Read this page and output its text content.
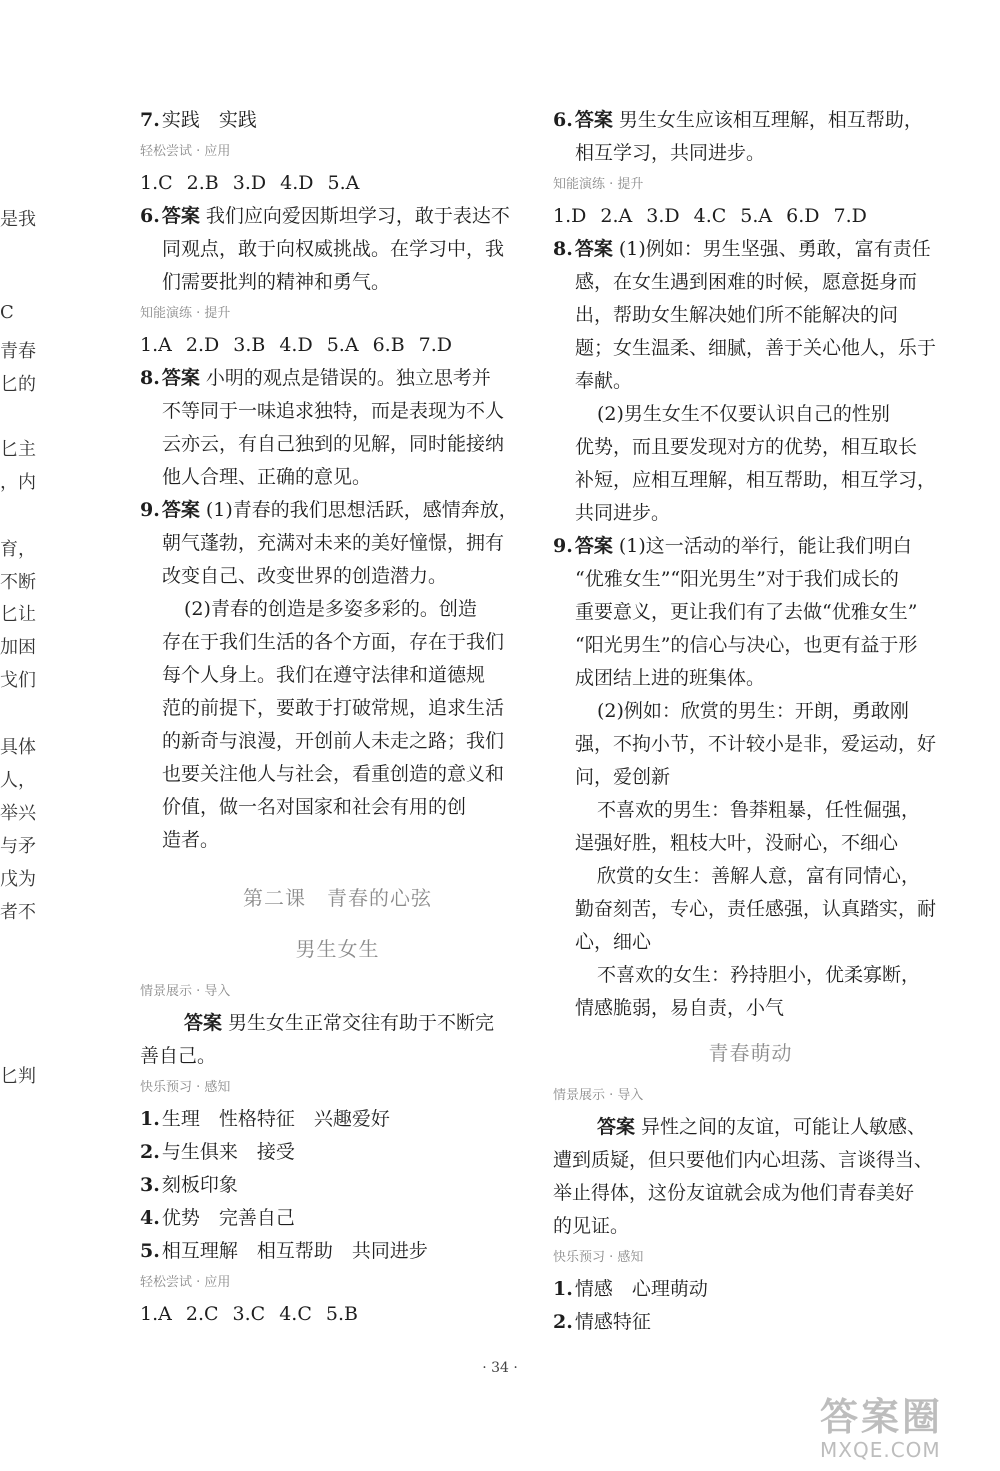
是我
C
青春
匕的
匕主
，内
育，
不断
匕让
加困
戈们
具体
人，
举兴
与矛
戊为
者不
匕判
7. 实践　实践
轻松尝试 · 应用
1.C 2.B 3.D 4.D 5.A
6. 答案 我们应向爱因斯坦学习，敢于表达不
同观点，敢于向权威挑战。在学习中，我
们需要批判的精神和勇气。
知能演练 · 提升
1.A 2.D 3.B 4.D 5.A 6.B 7.D
8. 答案 小明的观点是错误的。独立思考并
不等同于一味追求独特，而是表现为不人
云亦云，有自己独到的见解，同时能接纳
他人合理、正确的意见。
9. 答案 (1)青春的我们思想活跃，感情奔放，
朝气蓬勃，充满对未来的美好憧憬，拥有
改变自己、改变世界的创造潜力。
(2)青春的创造是多姿多彩的。创造
存在于我们生活的各个方面，存在于我们
每个人身上。我们在遵守法律和道德规
范的前提下，要敢于打破常规，追求生活
的新奇与浪漫，开创前人未走之路；我们
也要关注他人与社会，看重创造的意义和
价值，做一名对国家和社会有用的创
造者。
第二课　青春的心弦
男生女生
情景展示 · 导入
答案 男生女生正常交往有助于不断完
善自己。
快乐预习 · 感知
1. 生理　性格特征　兴趣爱好
2. 与生俱来　接受
3. 刻板印象
4. 优势　完善自己
5. 相互理解　相互帮助　共同进步
轻松尝试 · 应用
1.A 2.C 3.C 4.C 5.B
6. 答案 男生女生应该相互理解，相互帮助，
相互学习，共同进步。
知能演练 · 提升
1.D 2.A 3.D 4.C 5.A 6.D 7.D
8. 答案 (1)例如：男生坚强、勇敢，富有责任
感，在女生遇到困难的时候，愿意挺身而
出，帮助女生解决她们所不能解决的问
题；女生温柔、细腻，善于关心他人，乐于
奉献。
(2)男生女生不仅要认识自己的性别
优势，而且要发现对方的优势，相互取长
补短，应相互理解，相互帮助，相互学习，
共同进步。
9. 答案 (1)这一活动的举行，能让我们明白
“优雅女生”“阳光男生”对于我们成长的
重要意义，更让我们有了去做“优雅女生”
“阳光男生”的信心与决心，也更有益于形
成团结上进的班集体。
(2)例如：欣赏的男生：开朗，勇敢刚
强，不拘小节，不计较小是非，爱运动，好
问，爱创新
不喜欢的男生：鲁莽粗暴，任性倔强，
逞强好胜，粗枝大叶，没耐心，不细心
欣赏的女生：善解人意，富有同情心，
勤奋刻苦，专心，责任感强，认真踏实，耐
心，细心
不喜欢的女生：矜持胆小，优柔寡断，
情感脆弱，易自责，小气
青春萌动
情景展示 · 导入
答案 异性之间的友谊，可能让人敏感、
遭到质疑，但只要他们内心坦荡、言谈得当、
举止得体，这份友谊就会成为他们青春美好
的见证。
快乐预习 · 感知
1. 情感　心理萌动
2. 情感特征
· 34 ·
答案圈
MXQE.COM
